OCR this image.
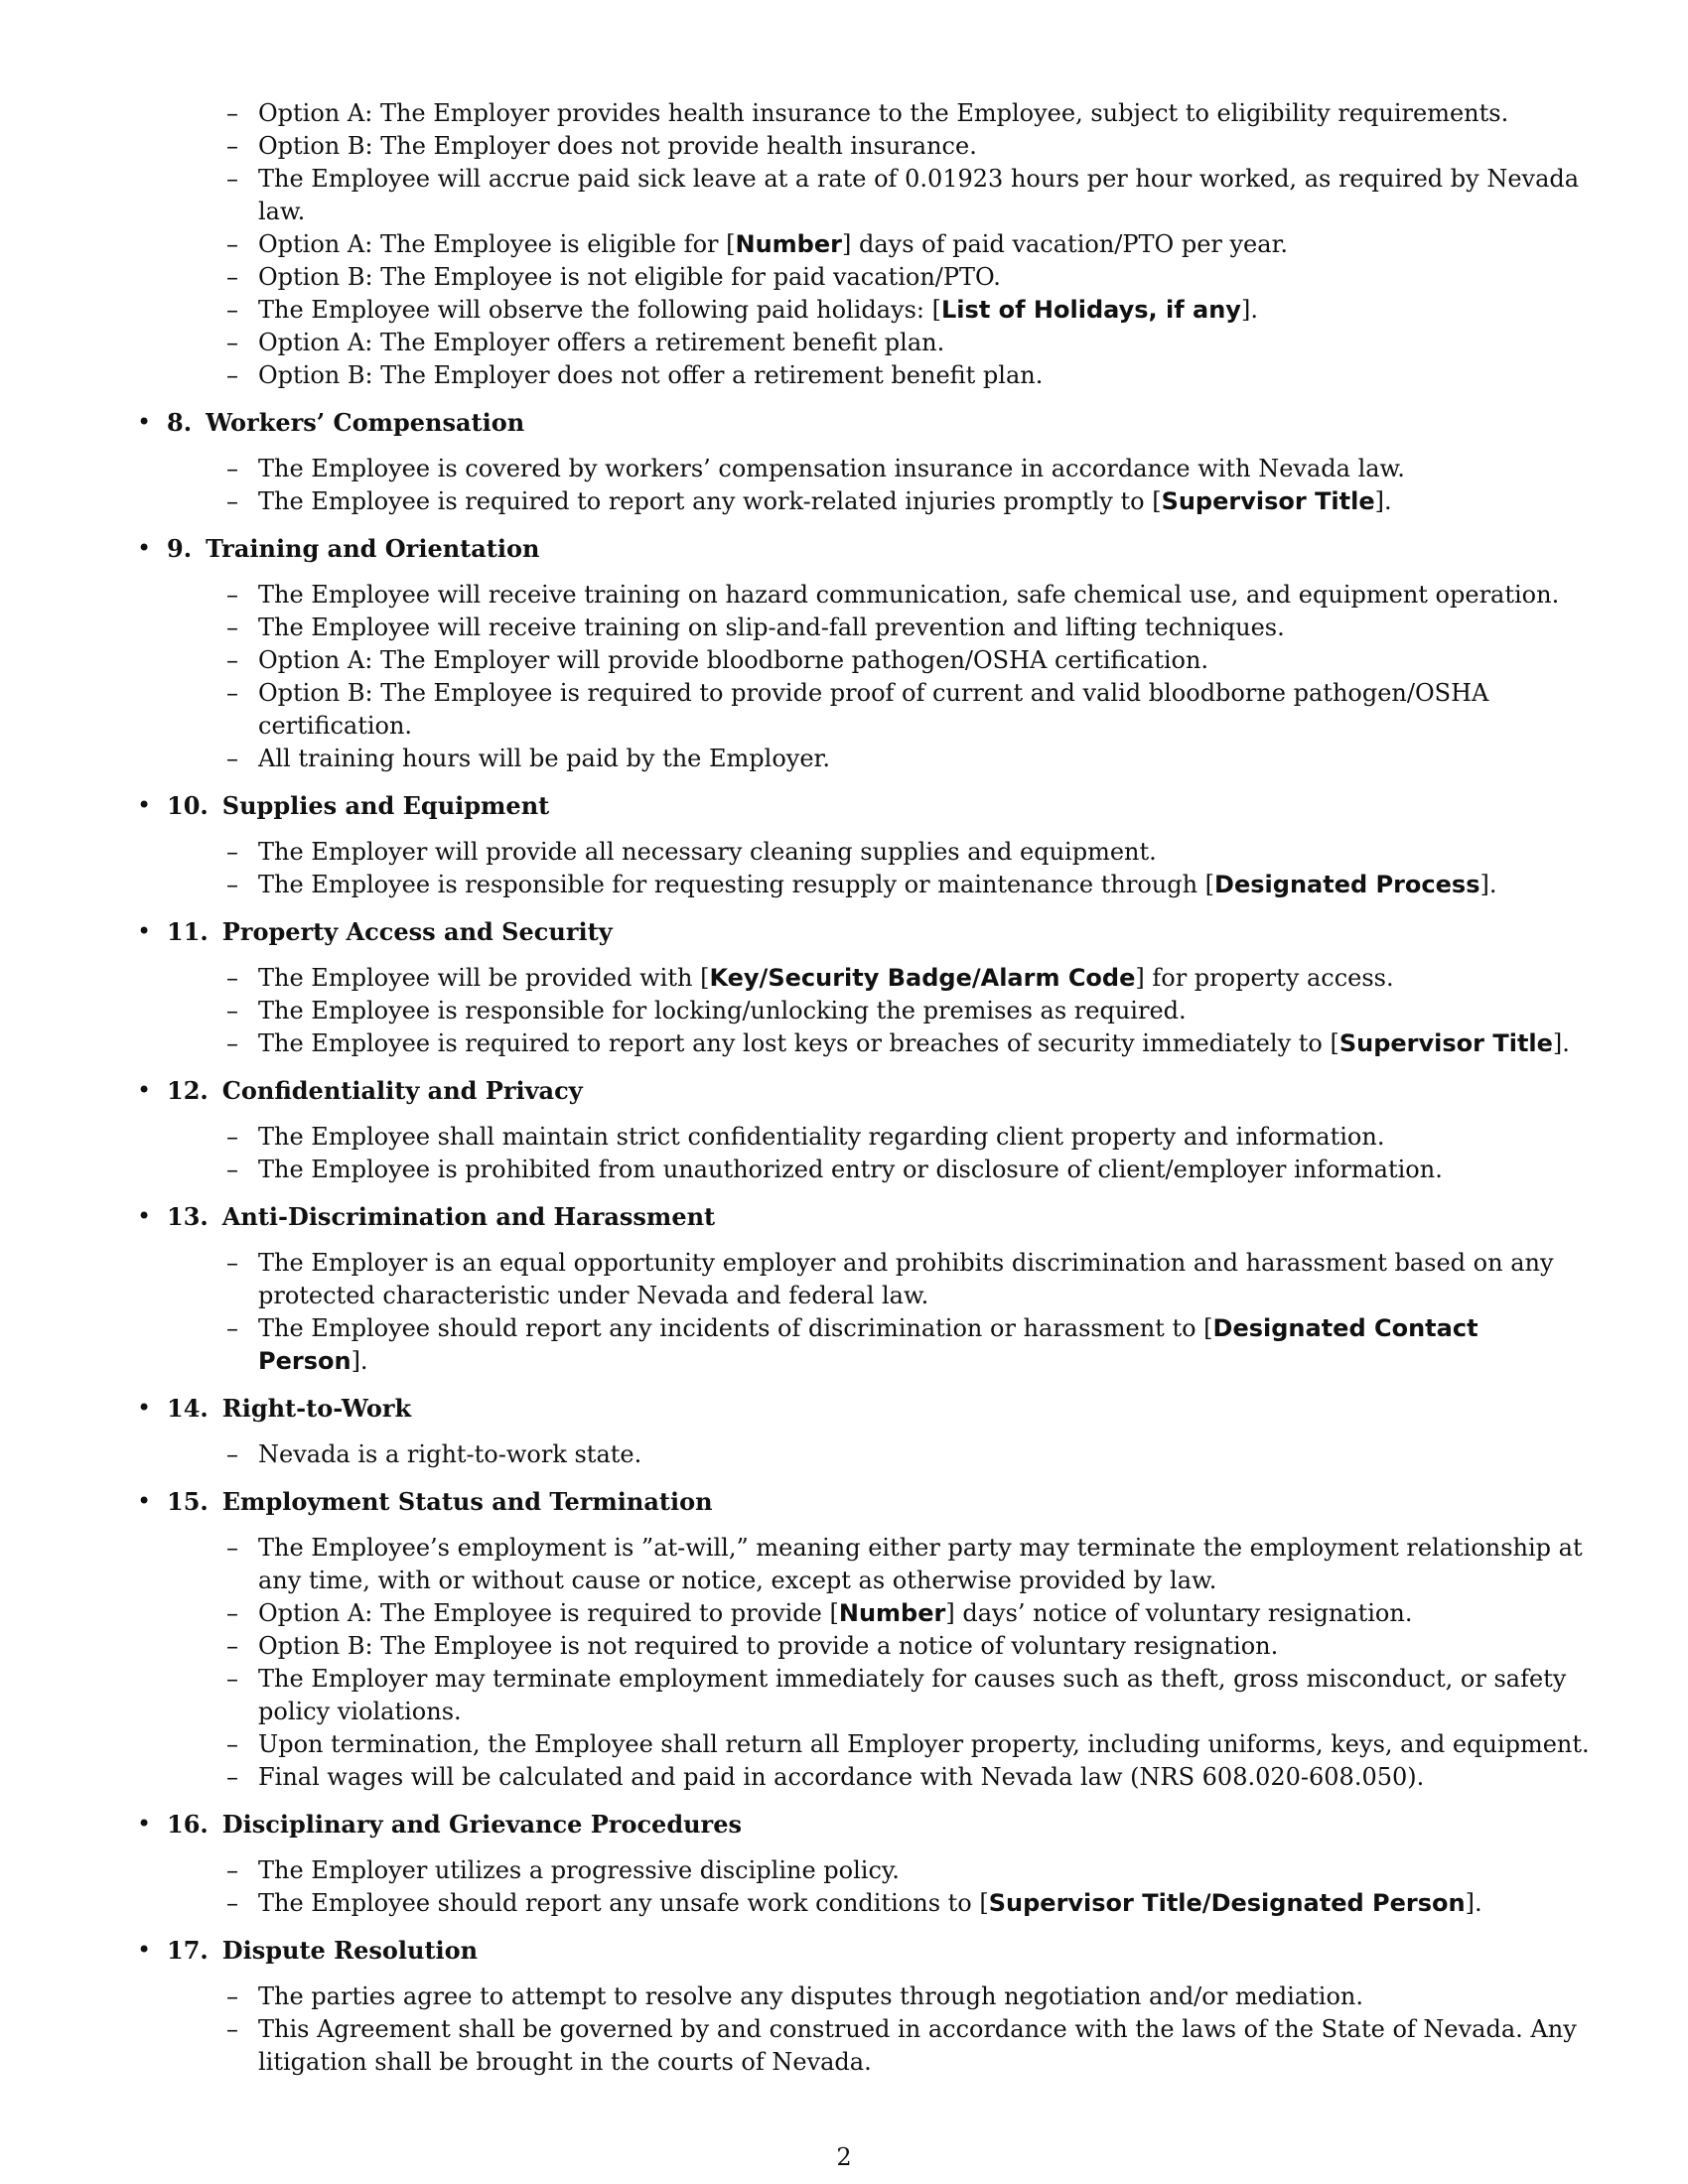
– Option A: The Employer provides health insurance to the Employee, subject to eligibility requirements.
– Option B: The Employer does not provide health insurance.
– The Employee will accrue paid sick leave at a rate of 0.01923 hours per hour worked, as required by Nevada law.
– Option A: The Employee is eligible for [Number] days of paid vacation/PTO per year.
– Option B: The Employee is not eligible for paid vacation/PTO.
– The Employee will observe the following paid holidays: [List of Holidays, if any].
– Option A: The Employer offers a retirement benefit plan.
– Option B: The Employer does not offer a retirement benefit plan.
• 8. Workers’ Compensation
– The Employee is covered by workers’ compensation insurance in accordance with Nevada law.
– The Employee is required to report any work-related injuries promptly to [Supervisor Title].
• 9. Training and Orientation
– The Employee will receive training on hazard communication, safe chemical use, and equipment operation.
– The Employee will receive training on slip-and-fall prevention and lifting techniques.
– Option A: The Employer will provide bloodborne pathogen/OSHA certification.
– Option B: The Employee is required to provide proof of current and valid bloodborne pathogen/OSHA certification.
– All training hours will be paid by the Employer.
• 10. Supplies and Equipment
– The Employer will provide all necessary cleaning supplies and equipment.
– The Employee is responsible for requesting resupply or maintenance through [Designated Process].
• 11. Property Access and Security
– The Employee will be provided with [Key/Security Badge/Alarm Code] for property access.
– The Employee is responsible for locking/unlocking the premises as required.
– The Employee is required to report any lost keys or breaches of security immediately to [Supervisor Title].
• 12. Confidentiality and Privacy
– The Employee shall maintain strict confidentiality regarding client property and information.
– The Employee is prohibited from unauthorized entry or disclosure of client/employer information.
• 13. Anti-Discrimination and Harassment
– The Employer is an equal opportunity employer and prohibits discrimination and harassment based on any protected characteristic under Nevada and federal law.
– The Employee should report any incidents of discrimination or harassment to [Designated Contact Person].
• 14. Right-to-Work
– Nevada is a right-to-work state.
• 15. Employment Status and Termination
– The Employee’s employment is ”at-will,” meaning either party may terminate the employment relationship at any time, with or without cause or notice, except as otherwise provided by law.
– Option A: The Employee is required to provide [Number] days’ notice of voluntary resignation.
– Option B: The Employee is not required to provide a notice of voluntary resignation.
– The Employer may terminate employment immediately for causes such as theft, gross misconduct, or safety policy violations.
– Upon termination, the Employee shall return all Employer property, including uniforms, keys, and equipment.
– Final wages will be calculated and paid in accordance with Nevada law (NRS 608.020-608.050).
• 16. Disciplinary and Grievance Procedures
– The Employer utilizes a progressive discipline policy.
– The Employee should report any unsafe work conditions to [Supervisor Title/Designated Person].
• 17. Dispute Resolution
– The parties agree to attempt to resolve any disputes through negotiation and/or mediation.
– This Agreement shall be governed by and construed in accordance with the laws of the State of Nevada. Any litigation shall be brought in the courts of Nevada.
2
